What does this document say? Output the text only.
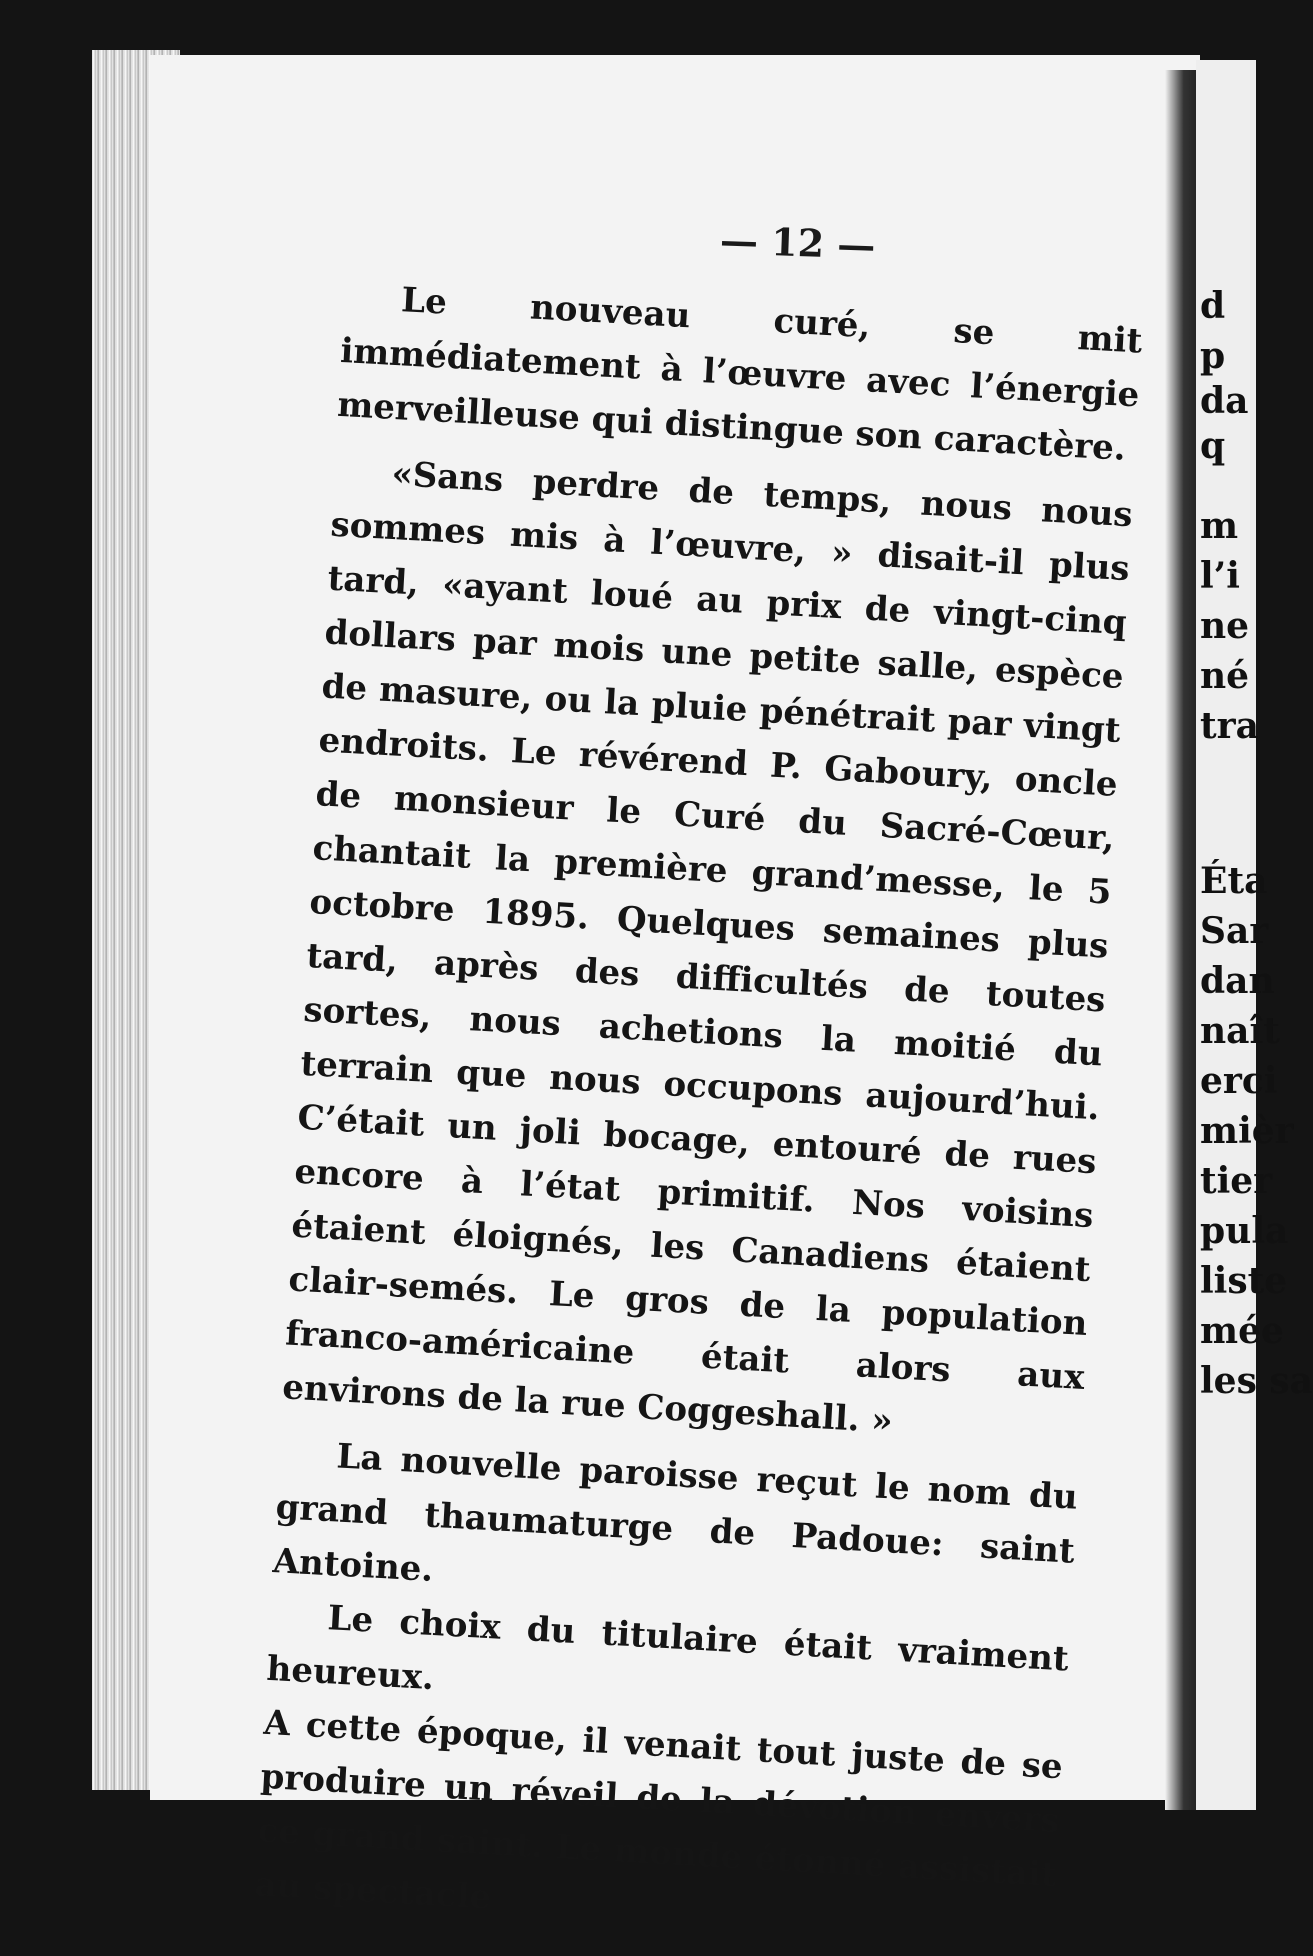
d
p
da
q
m
l’i
ne
né
tra
Éta
Sar
dan
naît
erci
mièr
tier
pula
liste
mée
les sa
— 12 —

Le nouveau curé, se mit immédiatement à l’œuvre avec l’énergie merveilleuse qui distingue son caractère.

«Sans perdre de temps, nous nous sommes mis à l’œuvre, » disait-il plus tard, «ayant loué au prix de vingt-cinq dollars par mois une petite salle, espèce de masure, ou la pluie pénétrait par vingt endroits. Le révérend P. Gaboury, oncle de monsieur le Curé du Sacré-Cœur, chantait la première grand’messe, le 5 octobre 1895. Quelques semaines plus tard, après des difficultés de toutes sortes, nous achetions la moitié du terrain que nous occupons aujourd’hui. C’était un joli bocage, entouré de rues encore à l’état primitif. Nos voisins étaient éloignés, les Canadiens étaient clair-semés. Le gros de la population franco-américaine était alors aux environs de la rue Coggeshall. »

La nouvelle paroisse reçut le nom du grand thaumaturge de Padoue: saint Antoine.

Le choix du titulaire était vraiment heureux.

A cette époque, il venait tout juste de se produire un réveil de la dévotion envers ce grand saint. Le monde étonné assistait au spectacle
